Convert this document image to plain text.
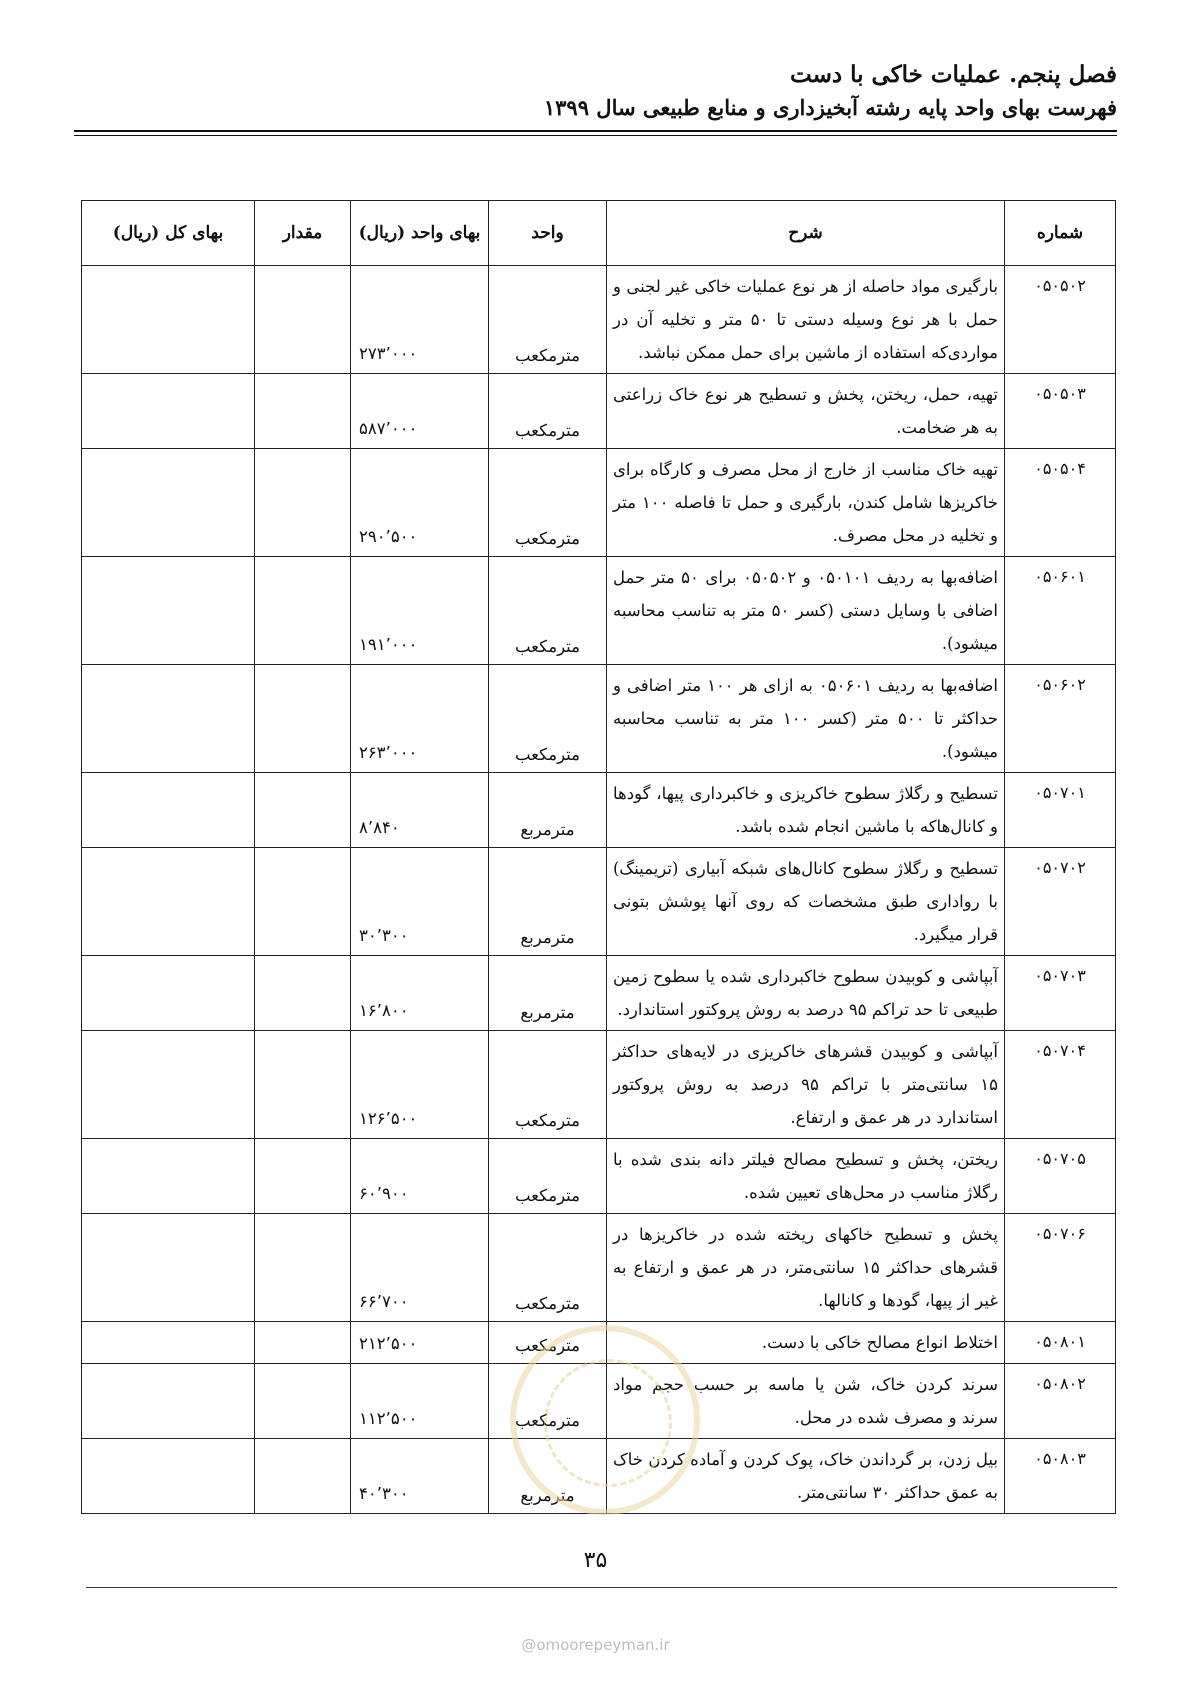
فصل پنجم. عملیات خاکی با دست
فهرست بهای واحد پایه رشته آبخیزداری و منابع طبیعی سال ۱۳۹۹
شماره	شرح	واحد	بهای واحد (ریال)	مقدار	بهای کل (ریال)
۰۵۰۵۰۲	بارگیری مواد حاصله از هر نوع عملیات خاکی غیر لجنی و حمل با هر نوع وسیله دستی تا ۵۰ متر و تخلیه آن در مواردی‌که استفاده از ماشین برای حمل ممکن نباشد.	مترمکعب	۲۷۳٬۰۰۰		
۰۵۰۵۰۳	تهیه، حمل، ریختن، پخش و تسطیح هر نوع خاک زراعتی به هر ضخامت.	مترمکعب	۵۸۷٬۰۰۰		
۰۵۰۵۰۴	تهیه خاک مناسب از خارج از محل مصرف و کارگاه برای خاکریزها شامل کندن، بارگیری و حمل تا فاصله ۱۰۰ متر و تخلیه در محل مصرف.	مترمکعب	۲۹۰٬۵۰۰		
۰۵۰۶۰۱	اضافه‌بها به ردیف ۰۵۰۱۰۱ و ۰۵۰۵۰۲ برای ۵۰ متر حمل اضافی با وسایل دستی (کسر ۵۰ متر به تناسب محاسبه میشود).	مترمکعب	۱۹۱٬۰۰۰		
۰۵۰۶۰۲	اضافه‌بها به ردیف ۰۵۰۶۰۱ به ازای هر ۱۰۰ متر اضافی و حداکثر تا ۵۰۰ متر (کسر ۱۰۰ متر به تناسب محاسبه میشود).	مترمکعب	۲۶۳٬۰۰۰		
۰۵۰۷۰۱	تسطیح و رگلاژ سطوح خاکریزی و خاکبرداری پیها، گودها و کانال‌ها‌که با ماشین انجام شده باشد.	مترمربع	۸٬۸۴۰		
۰۵۰۷۰۲	تسطیح و رگلاژ سطوح کانال‌های شبکه آبیاری (تریمینگ) با رواداری طبق مشخصات که روی آنها پوشش بتونی قرار میگیرد.	مترمربع	۳۰٬۳۰۰		
۰۵۰۷۰۳	آبپاشی و کوبیدن سطوح خاکبرداری شده یا سطوح زمین طبیعی تا حد تراکم ۹۵ درصد به روش پروکتور استاندارد.	مترمربع	۱۶٬۸۰۰		
۰۵۰۷۰۴	آبپاشی و کوبیدن قشرهای خاکریزی در لایه‌های حداکثر ۱۵ سانتی‌متر با تراکم ۹۵ درصد به روش پروکتور استاندارد در هر عمق و ارتفاع.	مترمکعب	۱۲۶٬۵۰۰		
۰۵۰۷۰۵	ریختن، پخش و تسطیح مصالح فیلتر دانه بندی شده با رگلاژ مناسب در محل‌های تعیین شده.	مترمکعب	۶۰٬۹۰۰		
۰۵۰۷۰۶	پخش و تسطیح خاکهای ریخته شده در خاکریزها در قشرهای حداکثر ۱۵ سانتی‌متر، در هر عمق و ارتفاع به غیر از پیها، گودها و کانالها.	مترمکعب	۶۶٬۷۰۰		
۰۵۰۸۰۱	اختلاط انواع مصالح خاکی با دست.	مترمکعب	۲۱۲٬۵۰۰		
۰۵۰۸۰۲	سرند کردن خاک، شن یا ماسه بر حسب حجم مواد سرند و مصرف شده در محل.	مترمکعب	۱۱۲٬۵۰۰		
۰۵۰۸۰۳	بیل زدن، بر گرداندن خاک، پوک کردن و آماده کردن خاک به عمق حداکثر ۳۰ سانتی‌متر.	مترمربع	۴۰٬۳۰۰		
۳۵
@omoorepeyman.ir
